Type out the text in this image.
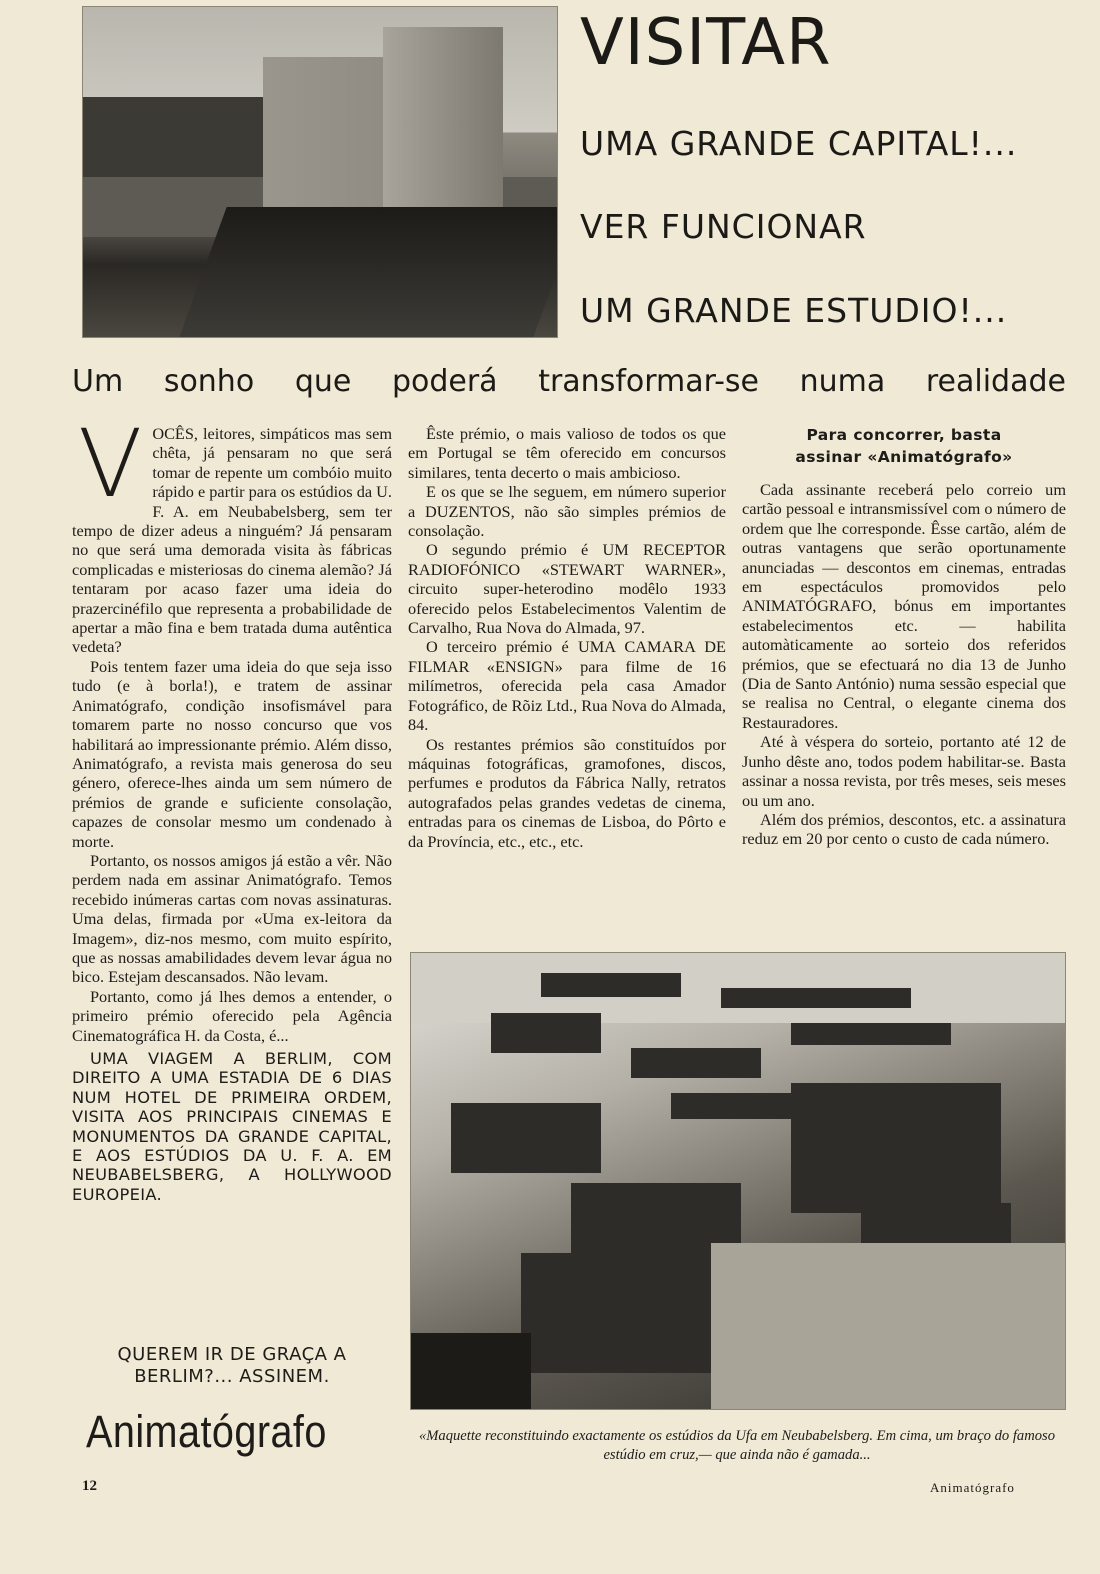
VISITAR
UMA GRANDE CAPITAL!...
VER FUNCIONAR
UM GRANDE ESTUDIO!...
Um sonho que poderá transformar-se numa realidade

VOCÊS, leitores, simpáticos mas sem chêta, já pensaram no que será tomar de repente um combóio muito rápido e partir para os estúdios da U. F. A. em Neubabelsberg, sem ter tempo de dizer adeus a ninguém? Já pensaram no que será uma demorada visita às fábricas complicadas e misteriosas do cinema alemão? Já tentaram por acaso fazer uma ideia do prazercinéfilo que representa a probabilidade de apertar a mão fina e bem tratada duma autêntica vedeta?

Pois tentem fazer uma ideia do que seja isso tudo (e à borla!), e tratem de assinar Animatógrafo, condição insofismável para tomarem parte no nosso concurso que vos habilitará ao impressionante prémio. Além disso, Animatógrafo, a revista mais generosa do seu género, oferece-lhes ainda um sem número de prémios de grande e suficiente consolação, capazes de consolar mesmo um condenado à morte.

Portanto, os nossos amigos já estão a vêr. Não perdem nada em assinar Animatógrafo. Temos recebido inúmeras cartas com novas assinaturas. Uma delas, firmada por «Uma ex-leitora da Imagem», diz-nos mesmo, com muito espírito, que as nossas amabilidades devem levar água no bico. Estejam descansados. Não levam.

Portanto, como já lhes demos a entender, o primeiro prémio oferecido pela Agência Cinematográfica H. da Costa, é...

UMA VIAGEM A BERLIM, COM DIREITO A UMA ESTADIA DE 6 DIAS NUM HOTEL DE PRIMEIRA ORDEM, VISITA AOS PRINCIPAIS CINEMAS E MONUMENTOS DA GRANDE CAPITAL, E AOS ESTÚDIOS DA U. F. A. EM NEUBABELSBERG, A HOLLYWOOD EUROPEIA.

QUEREM IR DE GRAÇA A
BERLIM?... ASSINEM.
Animatógrafo

Êste prémio, o mais valioso de todos os que em Portugal se têm oferecido em concursos similares, tenta decerto o mais ambicioso.

E os que se lhe seguem, em número superior a DUZENTOS, não são simples prémios de consolação.

O segundo prémio é UM RECEPTOR RADIOFÓNICO «STEWART WARNER», circuito super-heterodino modêlo 1933 oferecido pelos Estabelecimentos Valentim de Carvalho, Rua Nova do Almada, 97.

O terceiro prémio é UMA CAMARA DE FILMAR «ENSIGN» para filme de 16 milímetros, oferecida pela casa Amador Fotográfico, de Rõiz Ltd., Rua Nova do Almada, 84.

Os restantes prémios são constituídos por máquinas fotográficas, gramofones, discos, perfumes e produtos da Fábrica Nally, retratos autografados pelas grandes vedetas de cinema, entradas para os cinemas de Lisboa, do Pôrto e da Província, etc., etc., etc.

Para concorrer, basta
assinar «Animatógrafo»

Cada assinante receberá pelo correio um cartão pessoal e intransmissível com o número de ordem que lhe corresponde. Êsse cartão, além de outras vantagens que serão oportunamente anunciadas — descontos em cinemas, entradas em espectáculos promovidos pelo ANIMATÓGRAFO, bónus em importantes estabelecimentos etc. — habilita automàticamente ao sorteio dos referidos prémios, que se efectuará no dia 13 de Junho (Dia de Santo António) numa sessão especial que se realisa no Central, o elegante cinema dos Restauradores.

Até à véspera do sorteio, portanto até 12 de Junho dêste ano, todos podem habilitar-se. Basta assinar a nossa revista, por três meses, seis meses ou um ano.

Além dos prémios, descontos, etc. a assinatura reduz em 20 por cento o custo de cada número.

«Maquette reconstituindo exactamente os estúdios da Ufa em Neubabelsberg. Em cima, um braço do famoso estúdio em cruz,— que ainda não é gamada...
12	Animatógrafo
